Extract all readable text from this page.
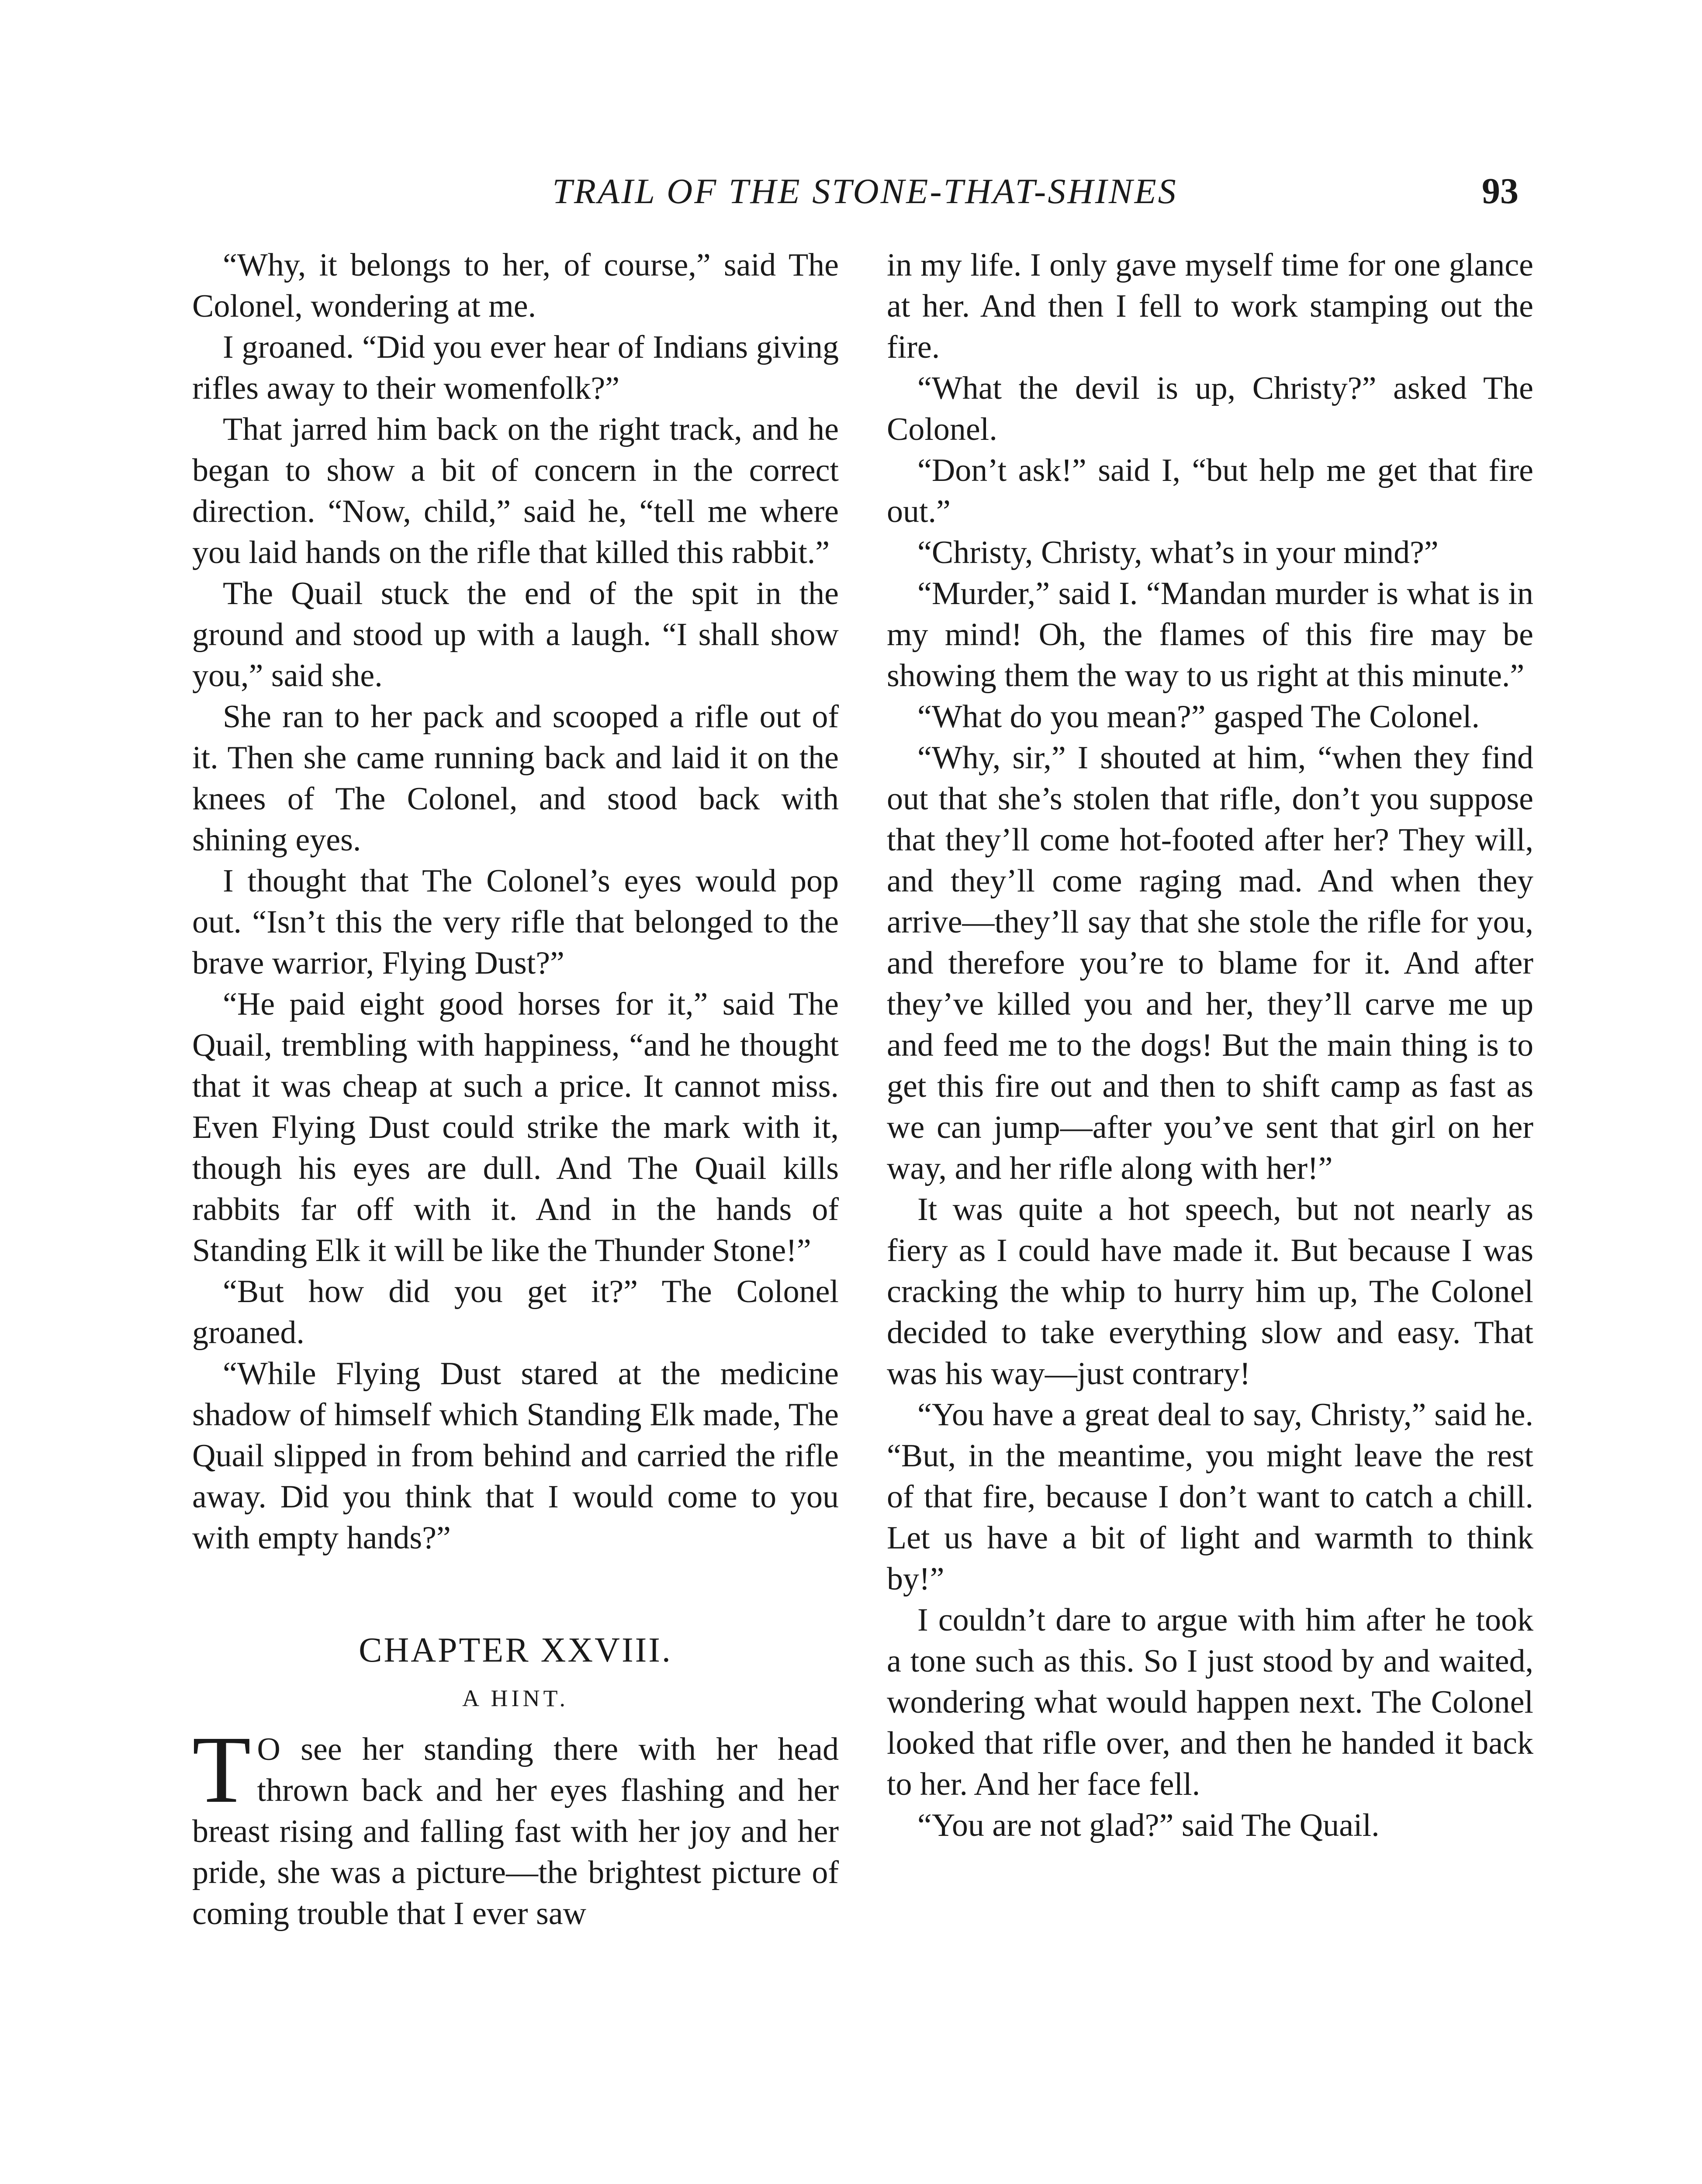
TRAIL OF THE STONE-THAT-SHINES	93

“Why, it belongs to her, of course,” said The Colonel, wondering at me.

I groaned. “Did you ever hear of Indians giving rifles away to their womenfolk?”

That jarred him back on the right track, and he began to show a bit of concern in the correct direction. “Now, child,” said he, “tell me where you laid hands on the rifle that killed this rabbit.”

The Quail stuck the end of the spit in the ground and stood up with a laugh. “I shall show you,” said she.

She ran to her pack and scooped a rifle out of it. Then she came running back and laid it on the knees of The Colonel, and stood back with shining eyes.

I thought that The Colonel’s eyes would pop out. “Isn’t this the very rifle that belonged to the brave warrior, Flying Dust?”

“He paid eight good horses for it,” said The Quail, trembling with happiness, “and he thought that it was cheap at such a price. It cannot miss. Even Flying Dust could strike the mark with it, though his eyes are dull. And The Quail kills rabbits far off with it. And in the hands of Standing Elk it will be like the Thunder Stone!”

“But how did you get it?” The Colonel groaned.

“While Flying Dust stared at the medicine shadow of himself which Standing Elk made, The Quail slipped in from behind and carried the rifle away. Did you think that I would come to you with empty hands?”

CHAPTER XXVIII.
A HINT.

T O see her standing there with her head thrown back and her eyes flashing and her breast rising and falling fast with her joy and her pride, she was a picture—the brightest picture of coming trouble that I ever saw

in my life. I only gave myself time for one glance at her. And then I fell to work stamping out the fire.

“What the devil is up, Christy?” asked The Colonel.

“Don’t ask!” said I, “but help me get that fire out.”

“Christy, Christy, what’s in your mind?”

“Murder,” said I. “Mandan murder is what is in my mind! Oh, the flames of this fire may be showing them the way to us right at this minute.”

“What do you mean?” gasped The Colonel.

“Why, sir,” I shouted at him, “when they find out that she’s stolen that rifle, don’t you suppose that they’ll come hot-footed after her? They will, and they’ll come raging mad. And when they arrive—they’ll say that she stole the rifle for you, and therefore you’re to blame for it. And after they’ve killed you and her, they’ll carve me up and feed me to the dogs! But the main thing is to get this fire out and then to shift camp as fast as we can jump—after you’ve sent that girl on her way, and her rifle along with her!”

It was quite a hot speech, but not nearly as fiery as I could have made it. But because I was cracking the whip to hurry him up, The Colonel decided to take everything slow and easy. That was his way—just contrary!

“You have a great deal to say, Christy,” said he. “But, in the meantime, you might leave the rest of that fire, because I don’t want to catch a chill. Let us have a bit of light and warmth to think by!”

I couldn’t dare to argue with him after he took a tone such as this. So I just stood by and waited, wondering what would happen next. The Colonel looked that rifle over, and then he handed it back to her. And her face fell.

“You are not glad?” said The Quail.
